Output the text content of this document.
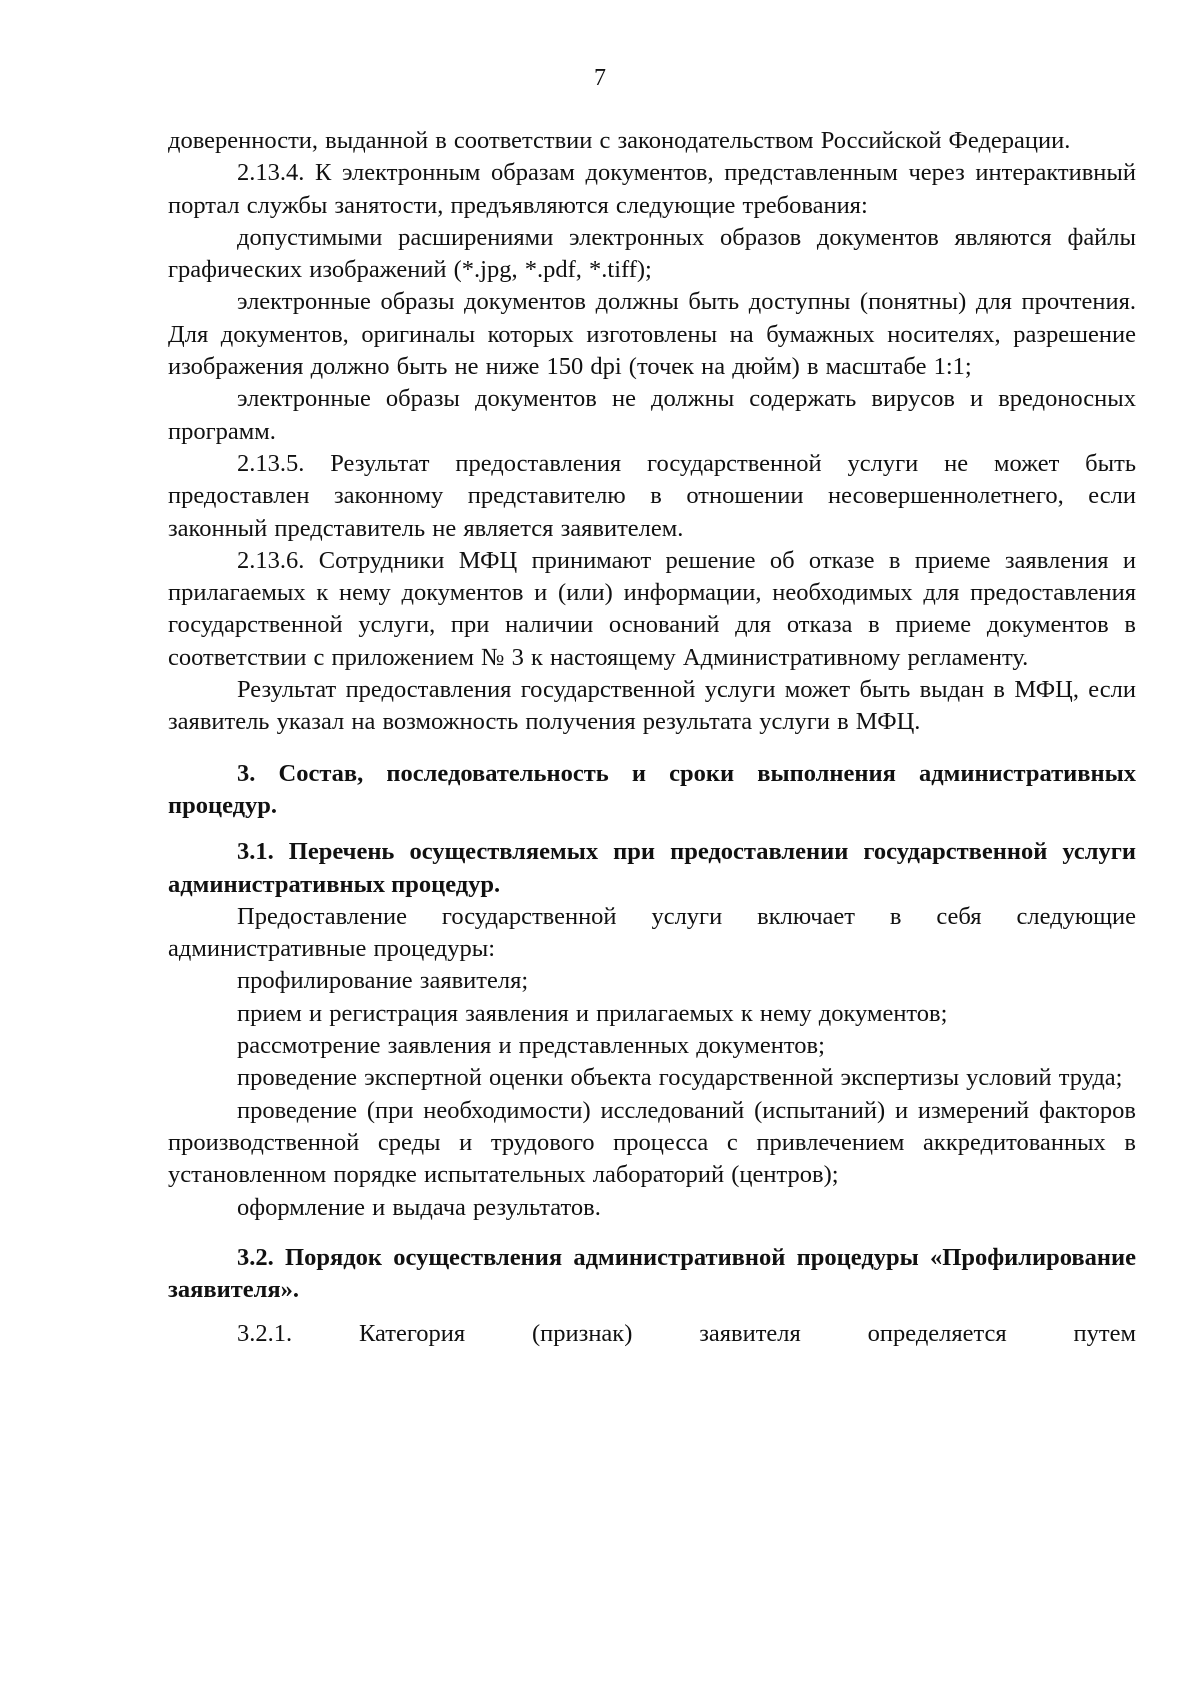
7

доверенности, выданной в соответствии с законодательством Российской Федерации.

2.13.4. К электронным образам документов, представленным через интерактивный портал службы занятости, предъявляются следующие требования:

допустимыми расширениями электронных образов документов являются файлы графических изображений (*.jpg, *.pdf, *.tiff);

электронные образы документов должны быть доступны (понятны) для прочтения. Для документов, оригиналы которых изготовлены на бумажных носителях, разрешение изображения должно быть не ниже 150 dpi (точек на дюйм) в масштабе 1:1;

электронные образы документов не должны содержать вирусов и вредоносных программ.

2.13.5. Результат предоставления государственной услуги не может быть предоставлен законному представителю в отношении несовершеннолетнего, если законный представитель не является заявителем.

2.13.6. Сотрудники МФЦ принимают решение об отказе в приеме заявления и прилагаемых к нему документов и (или) информации, необходимых для предоставления государственной услуги, при наличии оснований для отказа в приеме документов в соответствии с приложением № 3 к настоящему Административному регламенту.

Результат предоставления государственной услуги может быть выдан в МФЦ, если заявитель указал на возможность получения результата услуги в МФЦ.

3. Состав, последовательность и сроки выполнения административных процедур.
3.1. Перечень осуществляемых при предоставлении государственной услуги административных процедур.

Предоставление государственной услуги включает в себя следующие административные процедуры:

профилирование заявителя;

прием и регистрация заявления и прилагаемых к нему документов;

рассмотрение заявления и представленных документов;

проведение экспертной оценки объекта государственной экспертизы условий труда;

проведение (при необходимости) исследований (испытаний) и измерений факторов производственной среды и трудового процесса с привлечением аккредитованных в установленном порядке испытательных лабораторий (центров);

оформление и выдача результатов.

3.2. Порядок осуществления административной процедуры «Профилирование заявителя».

3.2.1. Категория (признак) заявителя определяется путем
